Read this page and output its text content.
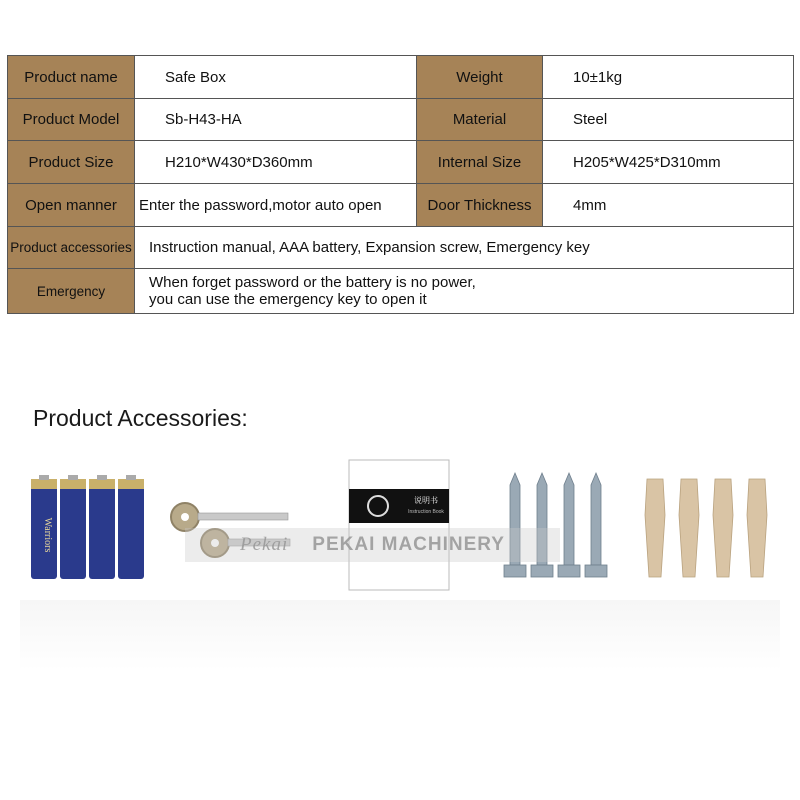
Product name	Safe Box	Weight	10±1kg
Product Model	Sb-H43-HA	Material	Steel
Product Size	H210*W430*D360mm	Internal Size	H205*W425*D310mm
Open manner	Enter the password,motor auto open	Door Thickness	4mm
Product accessories	Instruction manual, AAA battery, Expansion screw, Emergency key		
Emergency	When forget password or the battery is no power,
you can use the emergency key to open it		
Product Accessories:
Warriors
说明书
Instruction Book
Pekai PEKAI MACHINERY
